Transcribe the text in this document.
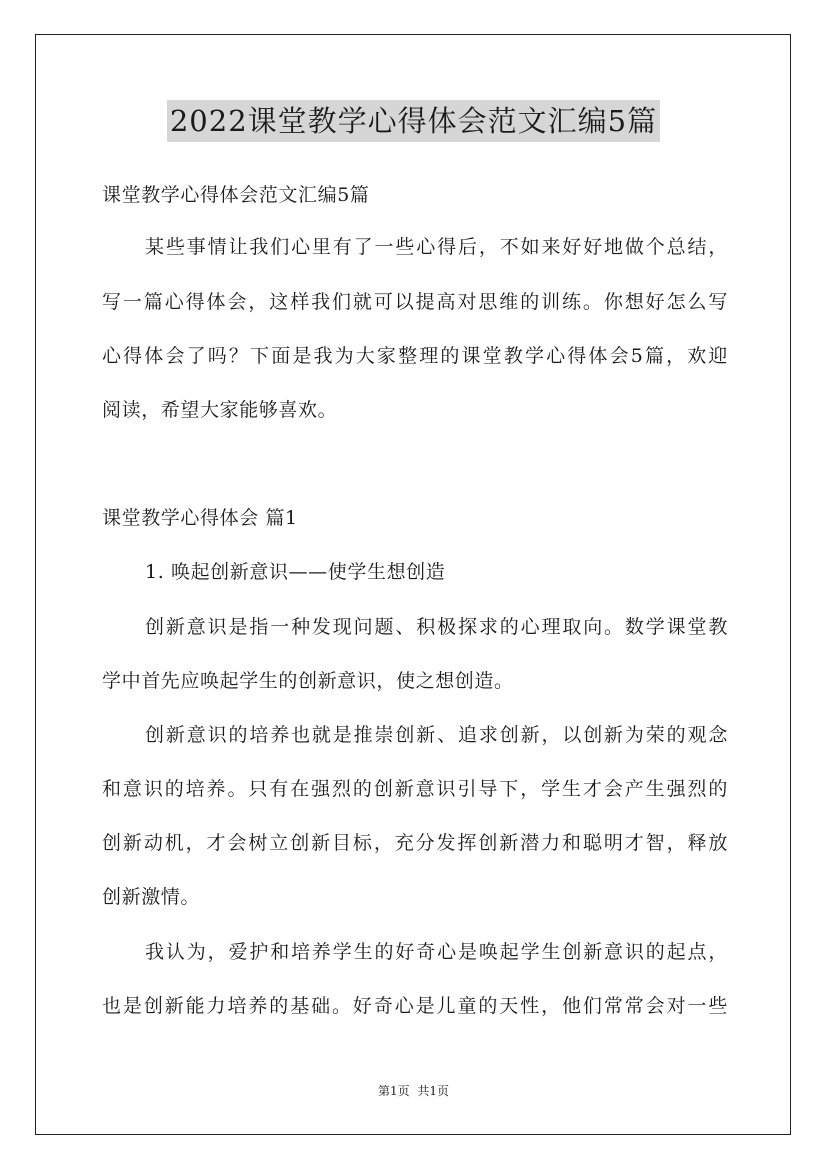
2022课堂教学心得体会范文汇编5篇
课堂教学心得体会范文汇编5篇
某些事情让我们心里有了一些心得后，不如来好好地做个总结，
写一篇心得体会，这样我们就可以提高对思维的训练。你想好怎么写
心得体会了吗？下面是我为大家整理的课堂教学心得体会5篇，欢迎
阅读，希望大家能够喜欢。
课堂教学心得体会 篇1
1. 唤起创新意识——使学生想创造
创新意识是指一种发现问题、积极探求的心理取向。数学课堂教
学中首先应唤起学生的创新意识，使之想创造。
创新意识的培养也就是推崇创新、追求创新，以创新为荣的观念
和意识的培养。只有在强烈的创新意识引导下，学生才会产生强烈的
创新动机，才会树立创新目标，充分发挥创新潜力和聪明才智，释放
创新激情。
我认为，爱护和培养学生的好奇心是唤起学生创新意识的起点，
也是创新能力培养的基础。好奇心是儿童的天性，他们常常会对一些
第1页 共1页
